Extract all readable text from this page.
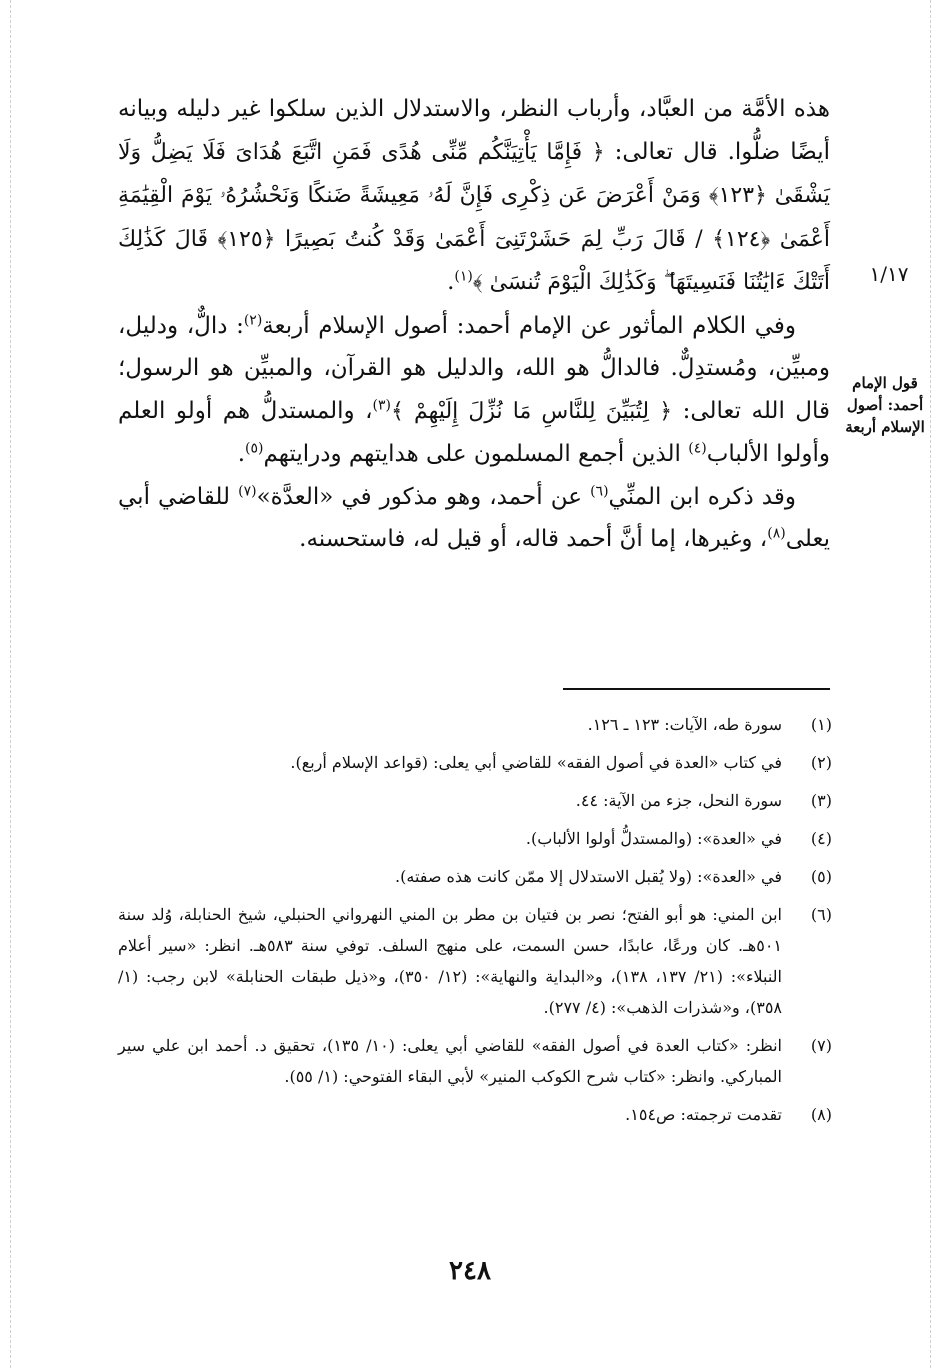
هذه الأمَّة من العبَّاد، وأرباب النظر، والاستدلال الذين سلكوا غير دليله وبيانه أيضًا ضلُّوا. قال تعالى: ﴿ فَإِمَّا يَأْتِيَنَّكُم مِّنِّى هُدًى فَمَنِ اتَّبَعَ هُدَاىَ فَلَا يَضِلُّ وَلَا يَشْقَىٰ ﴿١٢٣﴾ وَمَنْ أَعْرَضَ عَن ذِكْرِى فَإِنَّ لَهُۥ مَعِيشَةً ضَنكًا وَنَحْشُرُهُۥ يَوْمَ الْقِيَٰمَةِ أَعْمَىٰ ﴿١٢٤﴾ / قَالَ رَبِّ لِمَ حَشَرْتَنِىٓ أَعْمَىٰ وَقَدْ كُنتُ بَصِيرًا ﴿١٢٥﴾ قَالَ كَذَٰلِكَ أَتَتْكَ ءَايَٰتُنَا فَنَسِيتَهَا ۖ وَكَذَٰلِكَ الْيَوْمَ تُنسَىٰ ﴾$^{(١)}$.

وفي الكلام المأثور عن الإمام أحمد: أصول الإسلام أربعة$^{(٢)}$: دالٌّ، ودليل، ومبيِّن، ومُستدِلٌّ. فالدالُّ هو الله، والدليل هو القرآن، والمبيِّن هو الرسول؛ قال الله تعالى: ﴿ لِتُبَيِّنَ لِلنَّاسِ مَا نُزِّلَ إِلَيْهِمْ ﴾$^{(٣)}$، والمستدلُّ هم أولو العلم وأولوا الألباب$^{(٤)}$ الذين أجمع المسلمون على هدايتهم ودرايتهم$^{(٥)}$.

وقد ذكره ابن المنِّي$^{(٦)}$ عن أحمد، وهو مذكور في «العدَّة»$^{(٧)}$ للقاضي أبي يعلى$^{(٨)}$، وغيرها، إما أنَّ أحمد قاله، أو قيل له، فاستحسنه.

١/١٧
قول الإمام أحمد: أصول الإسلام أربعة
(١)
سورة طه، الآيات: ١٢٣ ـ ١٢٦.
(٢)
في كتاب «العدة في أصول الفقه» للقاضي أبي يعلى: (قواعد الإسلام أربع).
(٣)
سورة النحل، جزء من الآية: ٤٤.
(٤)
في «العدة»: (والمستدلُّ أولوا الألباب).
(٥)
في «العدة»: (ولا يُقبل الاستدلال إلا ممّن كانت هذه صفته).
(٦)
ابن المني: هو أبو الفتح؛ نصر بن فتيان بن مطر بن المني النهرواني الحنبلي، شيخ الحنابلة، وُلد سنة ٥٠١هـ. كان ورعًا، عابدًا، حسن السمت، على منهج السلف. توفي سنة ٥٨٣هـ. انظر: «سير أعلام النبلاء»: (٢١/ ١٣٧، ١٣٨)، و«البداية والنهاية»: (١٢/ ٣٥٠)، و«ذيل طبقات الحنابلة» لابن رجب: (١/ ٣٥٨)، و«شذرات الذهب»: (٤/ ٢٧٧).
(٧)
انظر: «كتاب العدة في أصول الفقه» للقاضي أبي يعلى: (١٠/ ١٣٥)، تحقيق د. أحمد ابن علي سير المباركي. وانظر: «كتاب شرح الكوكب المنير» لأبي البقاء الفتوحي: (١/ ٥٥).
(٨)
تقدمت ترجمته: ص١٥٤.
٢٤٨
